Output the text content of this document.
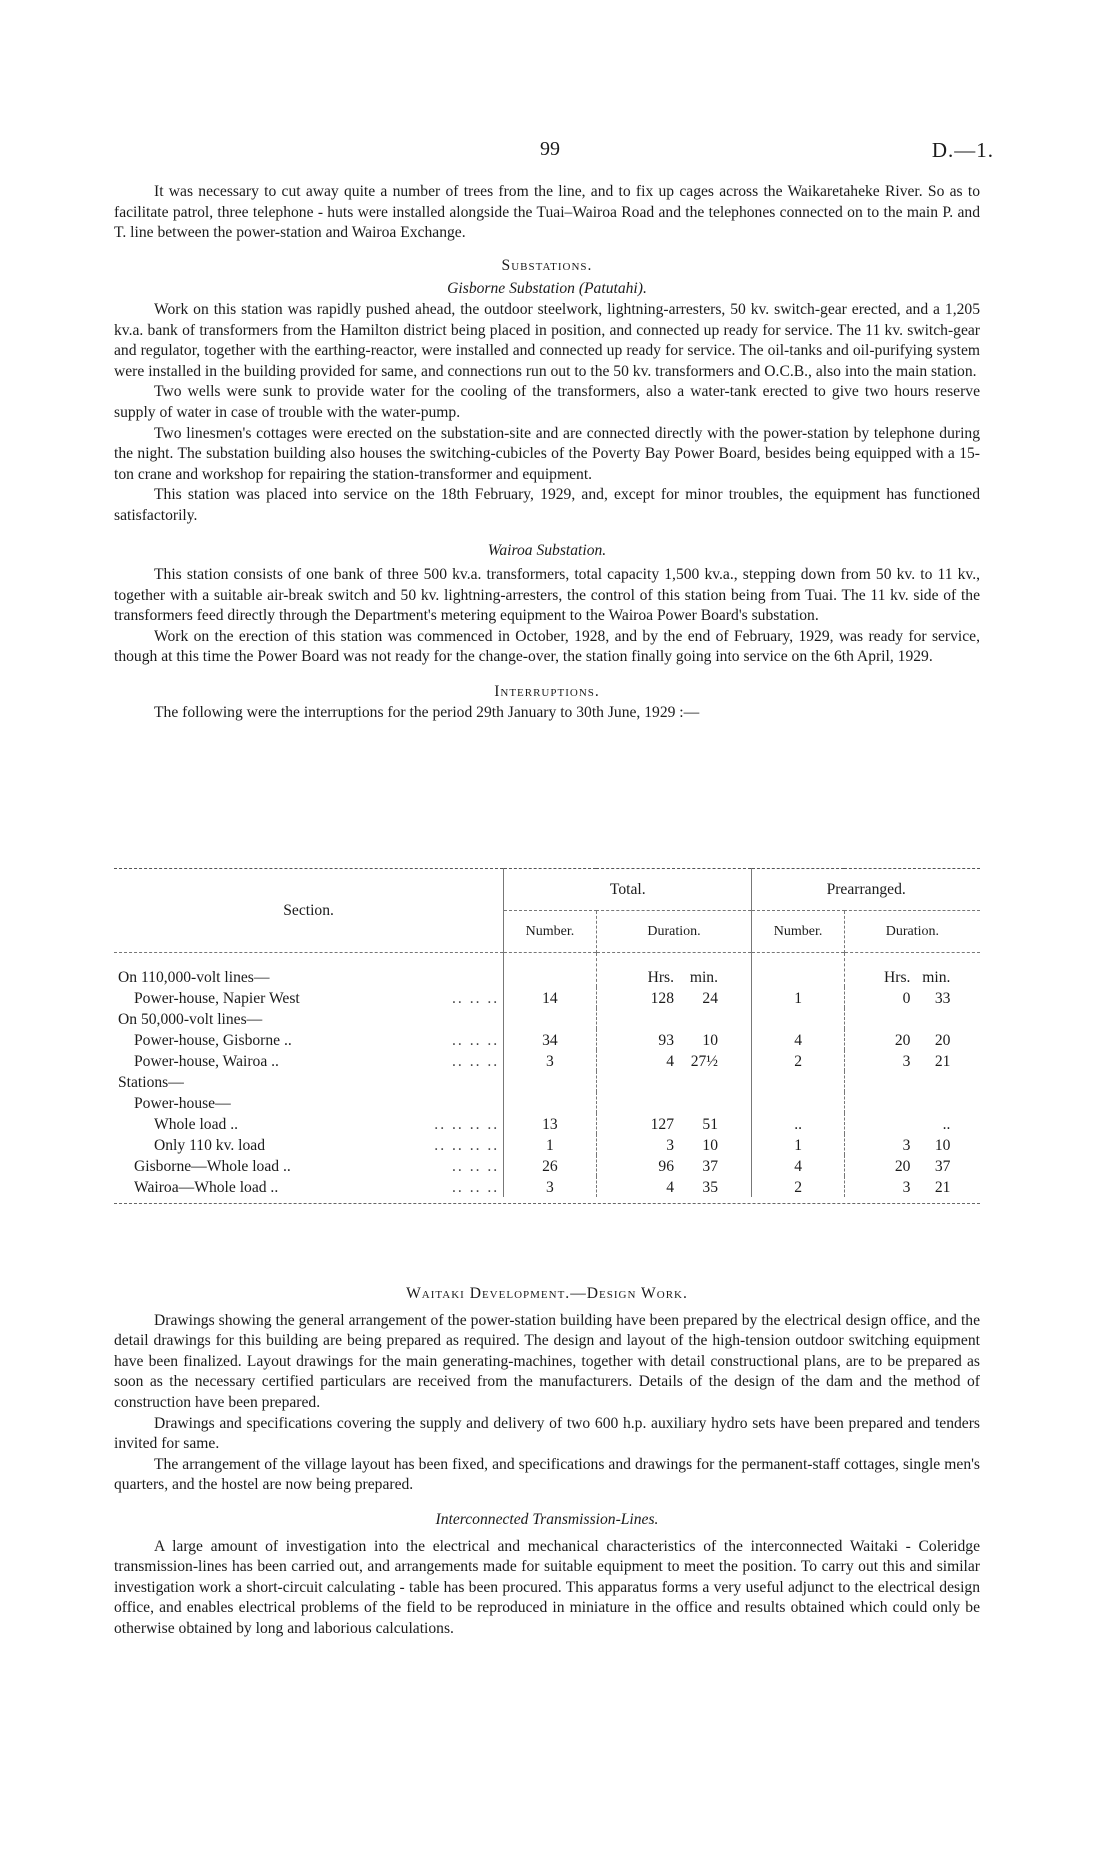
99	D.—1.

It was necessary to cut away quite a number of trees from the line, and to fix up cages across the Waikaretaheke River. So as to facilitate patrol, three telephone - huts were installed alongside the Tuai–Wairoa Road and the telephones connected on to the main P. and T. line between the power-station and Wairoa Exchange.

Substations.
Gisborne Substation (Patutahi).

Work on this station was rapidly pushed ahead, the outdoor steelwork, lightning-arresters, 50 kv. switch-gear erected, and a 1,205 kv.a. bank of transformers from the Hamilton district being placed in position, and connected up ready for service. The 11 kv. switch-gear and regulator, together with the earthing-reactor, were installed and connected up ready for service. The oil-tanks and oil-purifying system were installed in the building provided for same, and connections run out to the 50 kv. transformers and O.C.B., also into the main station.

Two wells were sunk to provide water for the cooling of the transformers, also a water-tank erected to give two hours reserve supply of water in case of trouble with the water-pump.

Two linesmen's cottages were erected on the substation-site and are connected directly with the power-station by telephone during the night. The substation building also houses the switching-cubicles of the Poverty Bay Power Board, besides being equipped with a 15-ton crane and workshop for repairing the station-transformer and equipment.

This station was placed into service on the 18th February, 1929, and, except for minor troubles, the equipment has functioned satisfactorily.

Wairoa Substation.

This station consists of one bank of three 500 kv.a. transformers, total capacity 1,500 kv.a., stepping down from 50 kv. to 11 kv., together with a suitable air-break switch and 50 kv. lightning-arresters, the control of this station being from Tuai. The 11 kv. side of the transformers feed directly through the Department's metering equipment to the Wairoa Power Board's substation.

Work on the erection of this station was commenced in October, 1928, and by the end of February, 1929, was ready for service, though at this time the Power Board was not ready for the change-over, the station finally going into service on the 6th April, 1929.

Interruptions.

The following were the interruptions for the period 29th January to 30th June, 1929 :—

Section.	Total.		Prearranged.	
	Number.	Duration.	Number.	Duration.
On 110,000-volt lines—		Hrs. min.		Hrs. min.
Power-house, Napier West .. .. ..	14	128 24	1	0 33
On 50,000-volt lines—				
Power-house, Gisborne .. .. .. ..	34	93 10	4	20 20
Power-house, Wairoa .. .. .. ..	3	4 27½	2	3 21
Stations—				
Power-house—				
Whole load .. .. .. .. ..	13	127 51	..	..
Only 110 kv. load .. .. .. ..	1	3 10	1	3 10
Gisborne—Whole load .. .. .. ..	26	96 37	4	20 37
Wairoa—Whole load .. .. .. ..	3	4 35	2	3 21
Waitaki Development.—Design Work.

Drawings showing the general arrangement of the power-station building have been prepared by the electrical design office, and the detail drawings for this building are being prepared as required. The design and layout of the high-tension outdoor switching equipment have been finalized. Layout drawings for the main generating-machines, together with detail constructional plans, are to be prepared as soon as the necessary certified particulars are received from the manufacturers. Details of the design of the dam and the method of construction have been prepared.

Drawings and specifications covering the supply and delivery of two 600 h.p. auxiliary hydro sets have been prepared and tenders invited for same.

The arrangement of the village layout has been fixed, and specifications and drawings for the permanent-staff cottages, single men's quarters, and the hostel are now being prepared.

Interconnected Transmission-Lines.

A large amount of investigation into the electrical and mechanical characteristics of the interconnected Waitaki - Coleridge transmission-lines has been carried out, and arrangements made for suitable equipment to meet the position. To carry out this and similar investigation work a short-circuit calculating - table has been procured. This apparatus forms a very useful adjunct to the electrical design office, and enables electrical problems of the field to be reproduced in miniature in the office and results obtained which could only be otherwise obtained by long and laborious calculations.
